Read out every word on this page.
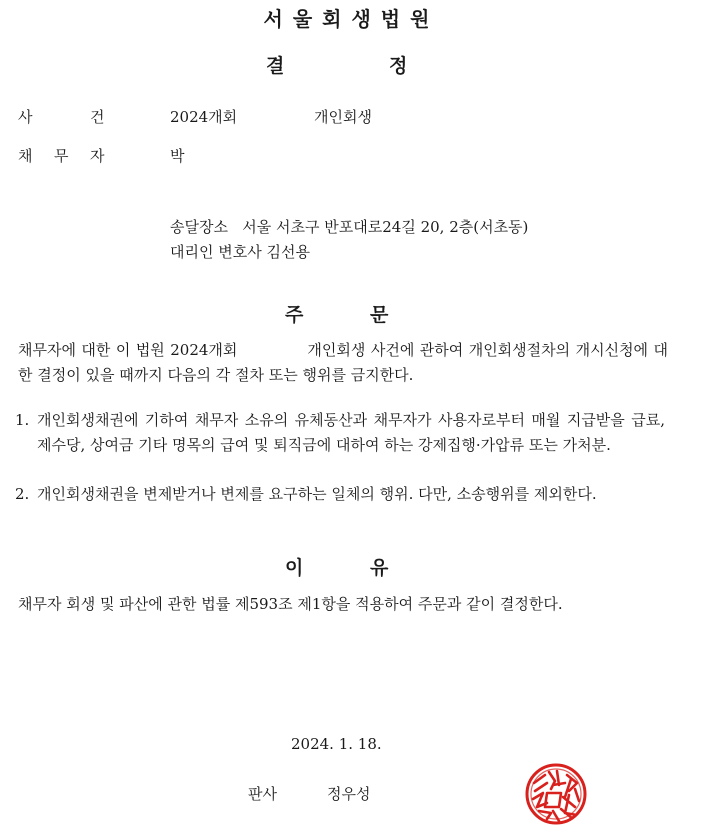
서울회생법원
결	정
사	건	2024개회	개인회생
채 무 자	박
송달장소 서울 서초구 반포대로24길 20, 2층(서초동)
대리인 변호사 김선용
주	문
채무자에 대한 이 법원 2024개회	개인회생 사건에 관하여 개인회생절차의 개시신청에 대한 결정이 있을 때까지 다음의 각 절차 또는 행위를 금지한다.
1. 개인회생채권에 기하여 채무자 소유의 유체동산과 채무자가 사용자로부터 매월 지급받을 급료, 제수당, 상여금 기타 명목의 급여 및 퇴직금에 대하여 하는 강제집행·가압류 또는 가처분.
2. 개인회생채권을 변제받거나 변제를 요구하는 일체의 행위. 다만, 소송행위를 제외한다.
이	유
채무자 회생 및 파산에 관한 법률 제593조 제1항을 적용하여 주문과 같이 결정한다.
2024. 1. 18.
판사	정우성
